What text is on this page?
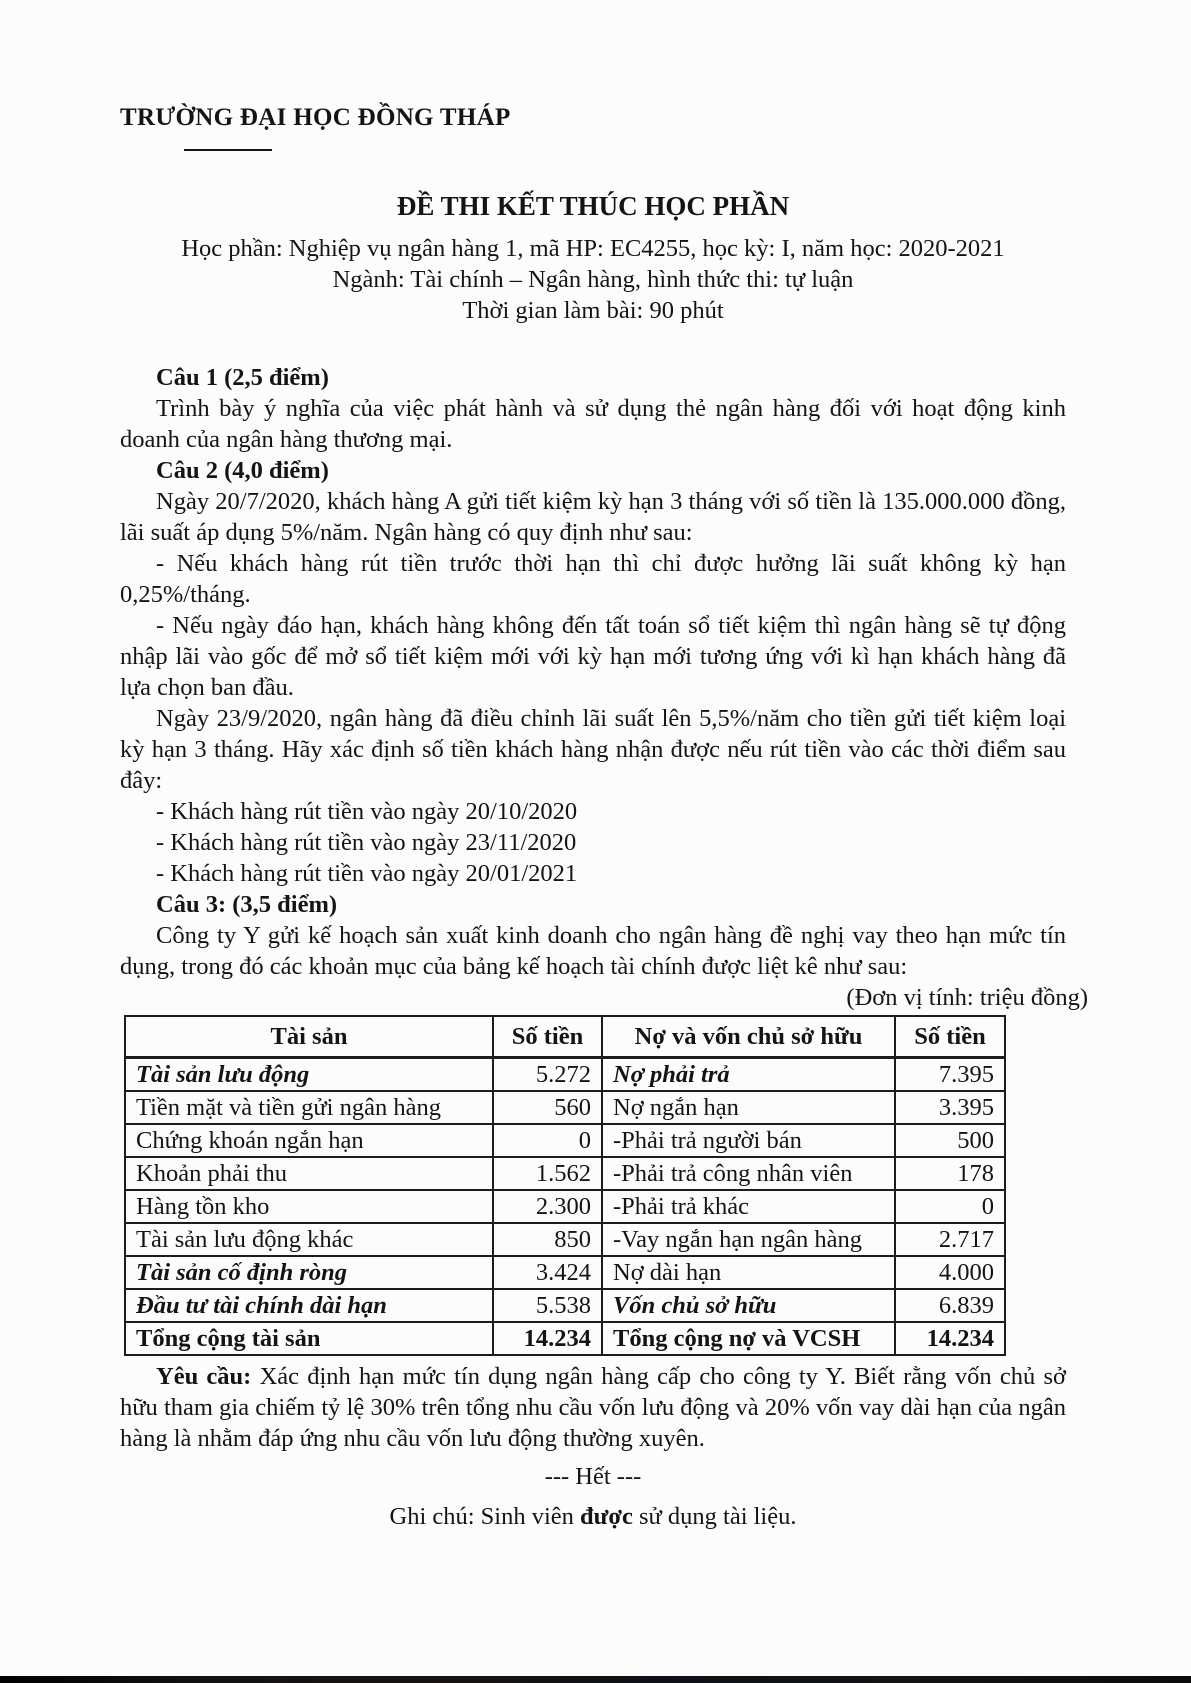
TRƯỜNG ĐẠI HỌC ĐỒNG THÁP
ĐỀ THI KẾT THÚC HỌC PHẦN
Học phần: Nghiệp vụ ngân hàng 1, mã HP: EC4255, học kỳ: I, năm học: 2020-2021
Ngành: Tài chính – Ngân hàng, hình thức thi: tự luận
Thời gian làm bài: 90 phút

Câu 1 (2,5 điểm)

Trình bày ý nghĩa của việc phát hành và sử dụng thẻ ngân hàng đối với hoạt động kinh doanh của ngân hàng thương mại.

Câu 2 (4,0 điểm)

Ngày 20/7/2020, khách hàng A gửi tiết kiệm kỳ hạn 3 tháng với số tiền là 135.000.000 đồng, lãi suất áp dụng 5%/năm. Ngân hàng có quy định như sau:

- Nếu khách hàng rút tiền trước thời hạn thì chỉ được hưởng lãi suất không kỳ hạn 0,25%/tháng.

- Nếu ngày đáo hạn, khách hàng không đến tất toán sổ tiết kiệm thì ngân hàng sẽ tự động nhập lãi vào gốc để mở sổ tiết kiệm mới với kỳ hạn mới tương ứng với kì hạn khách hàng đã lựa chọn ban đầu.

Ngày 23/9/2020, ngân hàng đã điều chỉnh lãi suất lên 5,5%/năm cho tiền gửi tiết kiệm loại kỳ hạn 3 tháng. Hãy xác định số tiền khách hàng nhận được nếu rút tiền vào các thời điểm sau đây:

- Khách hàng rút tiền vào ngày 20/10/2020

- Khách hàng rút tiền vào ngày 23/11/2020

- Khách hàng rút tiền vào ngày 20/01/2021

Câu 3: (3,5 điểm)

Công ty Y gửi kế hoạch sản xuất kinh doanh cho ngân hàng đề nghị vay theo hạn mức tín dụng, trong đó các khoản mục của bảng kế hoạch tài chính được liệt kê như sau:

(Đơn vị tính: triệu đồng)
Tài sản	Số tiền	Nợ và vốn chủ sở hữu	Số tiền
Tài sản lưu động	5.272	Nợ phải trả	7.395
Tiền mặt và tiền gửi ngân hàng	560	Nợ ngắn hạn	3.395
Chứng khoán ngắn hạn	0	-Phải trả người bán	500
Khoản phải thu	1.562	-Phải trả công nhân viên	178
Hàng tồn kho	2.300	-Phải trả khác	0
Tài sản lưu động khác	850	-Vay ngắn hạn ngân hàng	2.717
Tài sản cố định ròng	3.424	Nợ dài hạn	4.000
Đầu tư tài chính dài hạn	5.538	Vốn chủ sở hữu	6.839
Tổng cộng tài sản	14.234	Tổng cộng nợ và VCSH	14.234

Yêu cầu: Xác định hạn mức tín dụng ngân hàng cấp cho công ty Y. Biết rằng vốn chủ sở hữu tham gia chiếm tỷ lệ 30% trên tổng nhu cầu vốn lưu động và 20% vốn vay dài hạn của ngân hàng là nhằm đáp ứng nhu cầu vốn lưu động thường xuyên.

--- Hết ---
Ghi chú: Sinh viên được sử dụng tài liệu.
